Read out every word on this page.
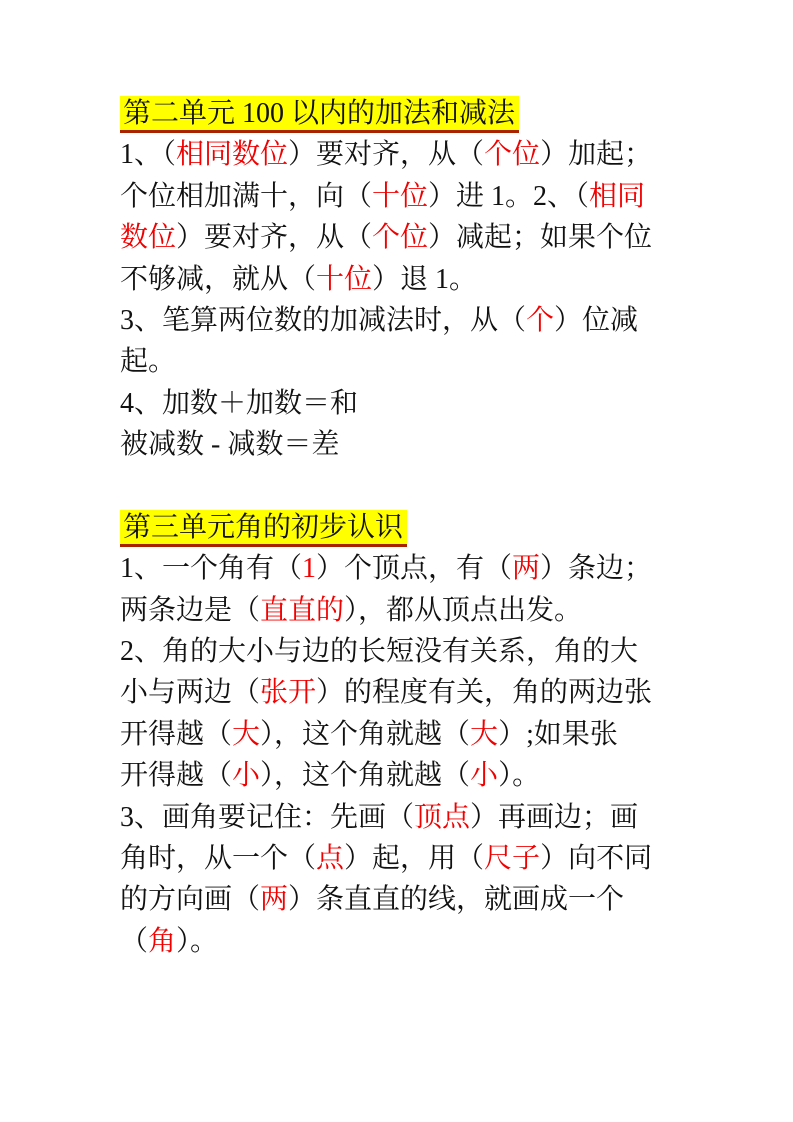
第二单元 100 以内的加法和减法
1、（相同数位）要对齐，从（个位）加起；
个位相加满十，向（十位）进 1。2、（相同
数位）要对齐，从（个位）减起；如果个位
不够减，就从（十位）退 1。
3、笔算两位数的加减法时，从（个）位减
起。
4、加数＋加数＝和
被减数 - 减数＝差
第三单元角的初步认识
1、一个角有（1）个顶点，有（两）条边；
两条边是（直直的），都从顶点出发。
2、角的大小与边的长短没有关系，角的大
小与两边（张开）的程度有关，角的两边张
开得越（大），这个角就越（大）;如果张
开得越（小），这个角就越（小）。
3、画角要记住：先画（顶点）再画边；画
角时，从一个（点）起，用（尺子）向不同
的方向画（两）条直直的线，就画成一个
（角）。
